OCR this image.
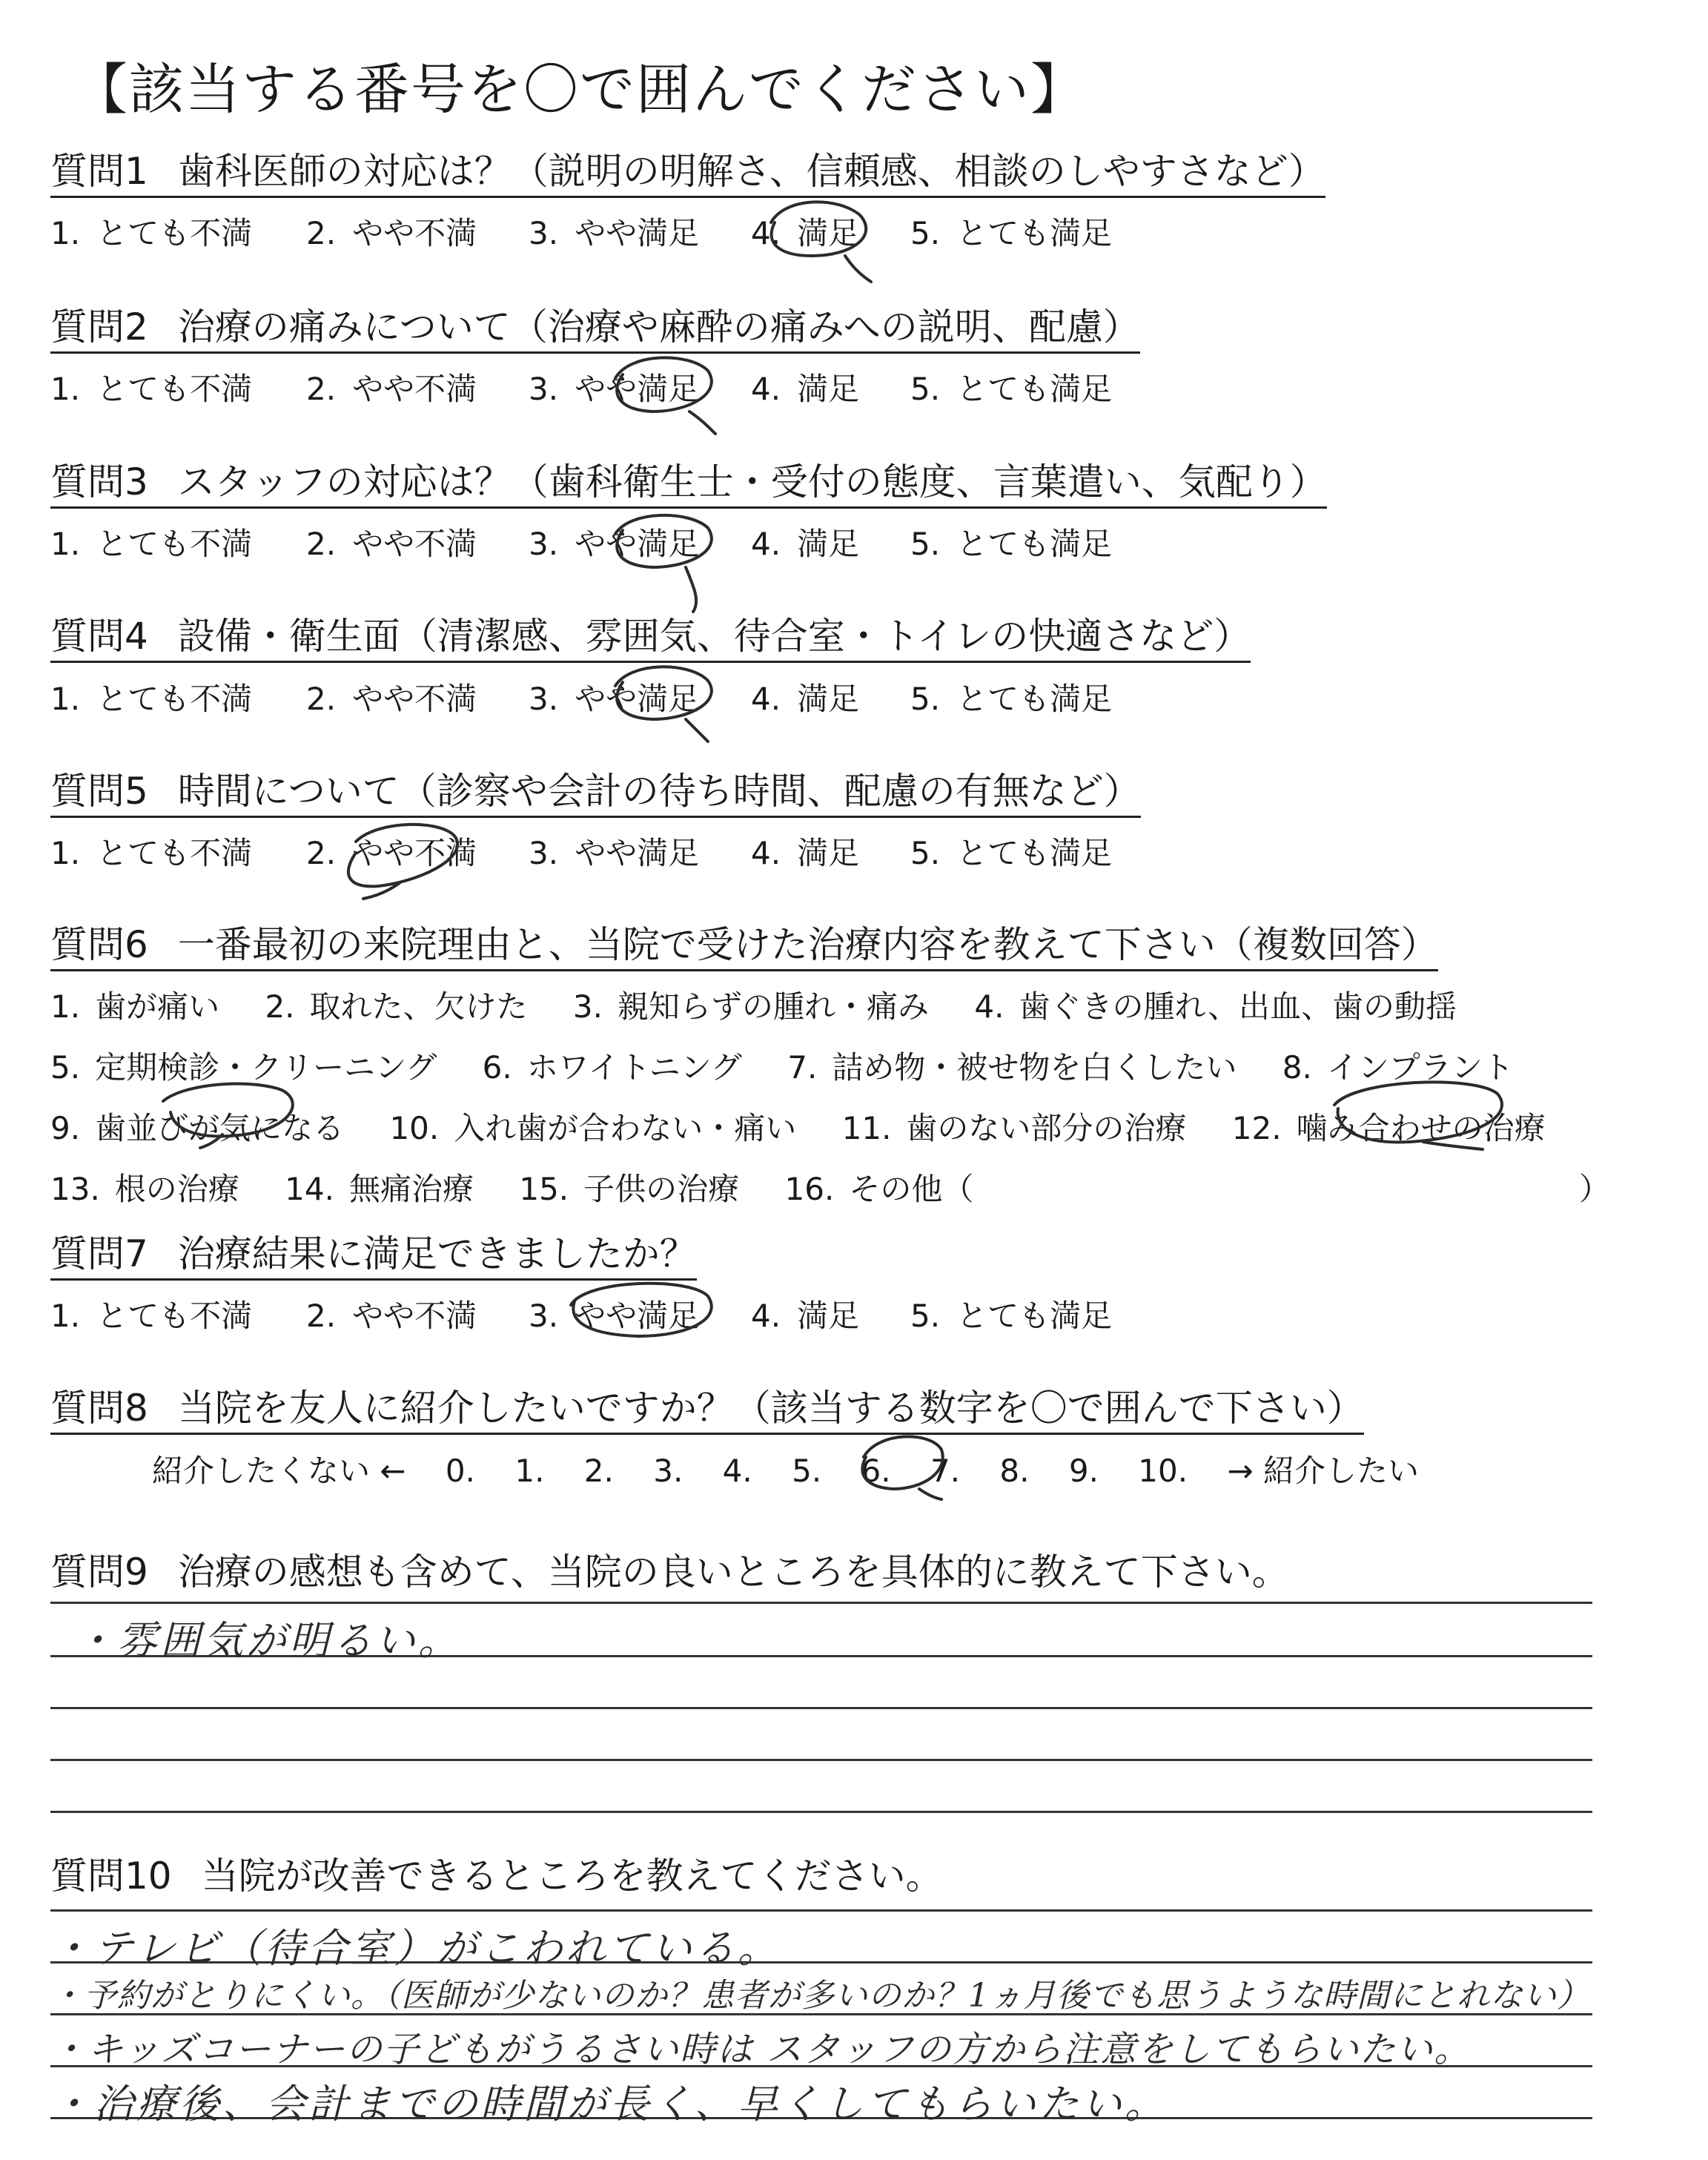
【該当する番号を〇で囲んでください】
質問1 歯科医師の対応は？（説明の明解さ、信頼感、相談のしやすさなど）
1. とても不満 2. やや不満 3. やや満足 4. 満足 5. とても満足
質問2 治療の痛みについて（治療や麻酔の痛みへの説明、配慮）
1. とても不満 2. やや不満 3. やや満足 4. 満足 5. とても満足
質問3 スタッフの対応は？（歯科衛生士・受付の態度、言葉遣い、気配り）
1. とても不満 2. やや不満 3. やや満足 4. 満足 5. とても満足
質問4 設備・衛生面（清潔感、雰囲気、待合室・トイレの快適さなど）
1. とても不満 2. やや不満 3. やや満足 4. 満足 5. とても満足
質問5 時間について（診察や会計の待ち時間、配慮の有無など）
1. とても不満 2. やや不満 3. やや満足 4. 満足 5. とても満足
質問6 一番最初の来院理由と、当院で受けた治療内容を教えて下さい（複数回答）
1. 歯が痛い 2. 取れた、欠けた 3. 親知らずの腫れ・痛み 4. 歯ぐきの腫れ、出血、歯の動揺
5. 定期検診・クリーニング 6. ホワイトニング 7. 詰め物・被せ物を白くしたい 8. インプラント
9. 歯並びが気になる 10. 入れ歯が合わない・痛い 11. 歯のない部分の治療 12. 噛み合わせの治療
13. 根の治療 14. 無痛治療 15. 子供の治療 16. その他（	）
質問7 治療結果に満足できましたか？
1. とても不満 2. やや不満 3. やや満足 4. 満足 5. とても満足
質問8 当院を友人に紹介したいですか？（該当する数字を〇で囲んで下さい）
紹介したくない ← 0. 1. 2. 3. 4. 5. 6. 7. 8. 9. 10. → 紹介したい
質問9 治療の感想も含めて、当院の良いところを具体的に教えて下さい。
・雰囲気が明るい。
質問10 当院が改善できるところを教えてください。
・テレビ（待合室）がこわれている。
・予約がとりにくい。（医師が少ないのか？患者が多いのか？1ヵ月後でも思うような時間にとれない）
・キッズコーナーの子どもがうるさい時は スタッフの方から注意をしてもらいたい。
・治療後、会計までの時間が長く、早くしてもらいたい。
